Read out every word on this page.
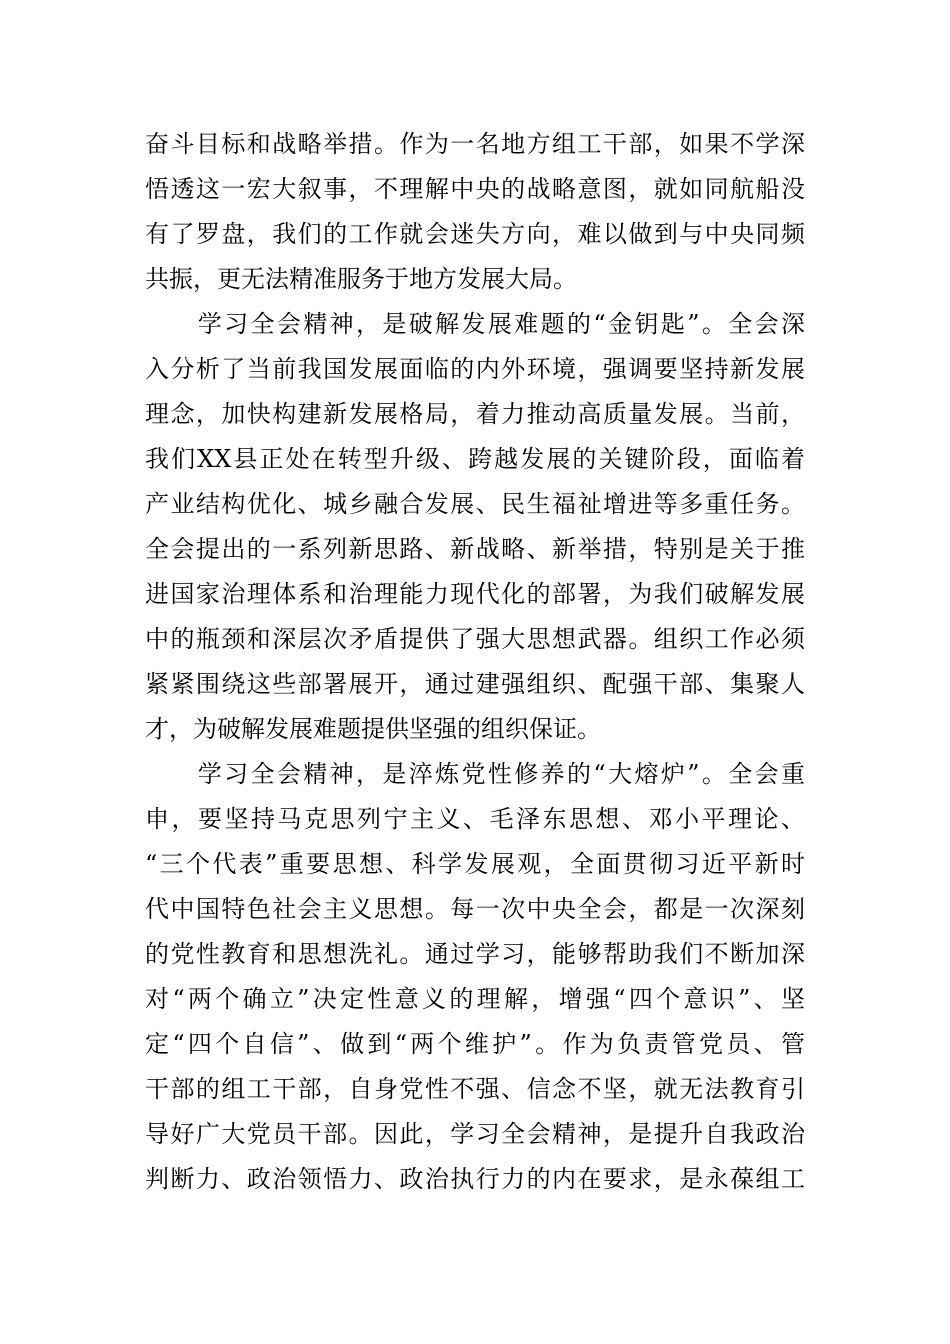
奋斗目标和战略举措。作为一名地方组工干部，如果不学深
悟透这一宏大叙事，不理解中央的战略意图，就如同航船没
有了罗盘，我们的工作就会迷失方向，难以做到与中央同频
共振，更无法精准服务于地方发展大局。
　　学习全会精神，是破解发展难题的“金钥匙”。全会深
入分析了当前我国发展面临的内外环境，强调要坚持新发展
理念，加快构建新发展格局，着力推动高质量发展。当前，
我们XX县正处在转型升级、跨越发展的关键阶段，面临着
产业结构优化、城乡融合发展、民生福祉增进等多重任务。
全会提出的一系列新思路、新战略、新举措，特别是关于推
进国家治理体系和治理能力现代化的部署，为我们破解发展
中的瓶颈和深层次矛盾提供了强大思想武器。组织工作必须
紧紧围绕这些部署展开，通过建强组织、配强干部、集聚人
才，为破解发展难题提供坚强的组织保证。
　　学习全会精神，是淬炼党性修养的“大熔炉”。全会重
申，要坚持马克思列宁主义、毛泽东思想、邓小平理论、
“三个代表”重要思想、科学发展观，全面贯彻习近平新时
代中国特色社会主义思想。每一次中央全会，都是一次深刻
的党性教育和思想洗礼。通过学习，能够帮助我们不断加深
对“两个确立”决定性意义的理解，增强“四个意识”、坚
定“四个自信”、做到“两个维护”。作为负责管党员、管
干部的组工干部，自身党性不强、信念不坚，就无法教育引
导好广大党员干部。因此，学习全会精神，是提升自我政治
判断力、政治领悟力、政治执行力的内在要求，是永葆组工
